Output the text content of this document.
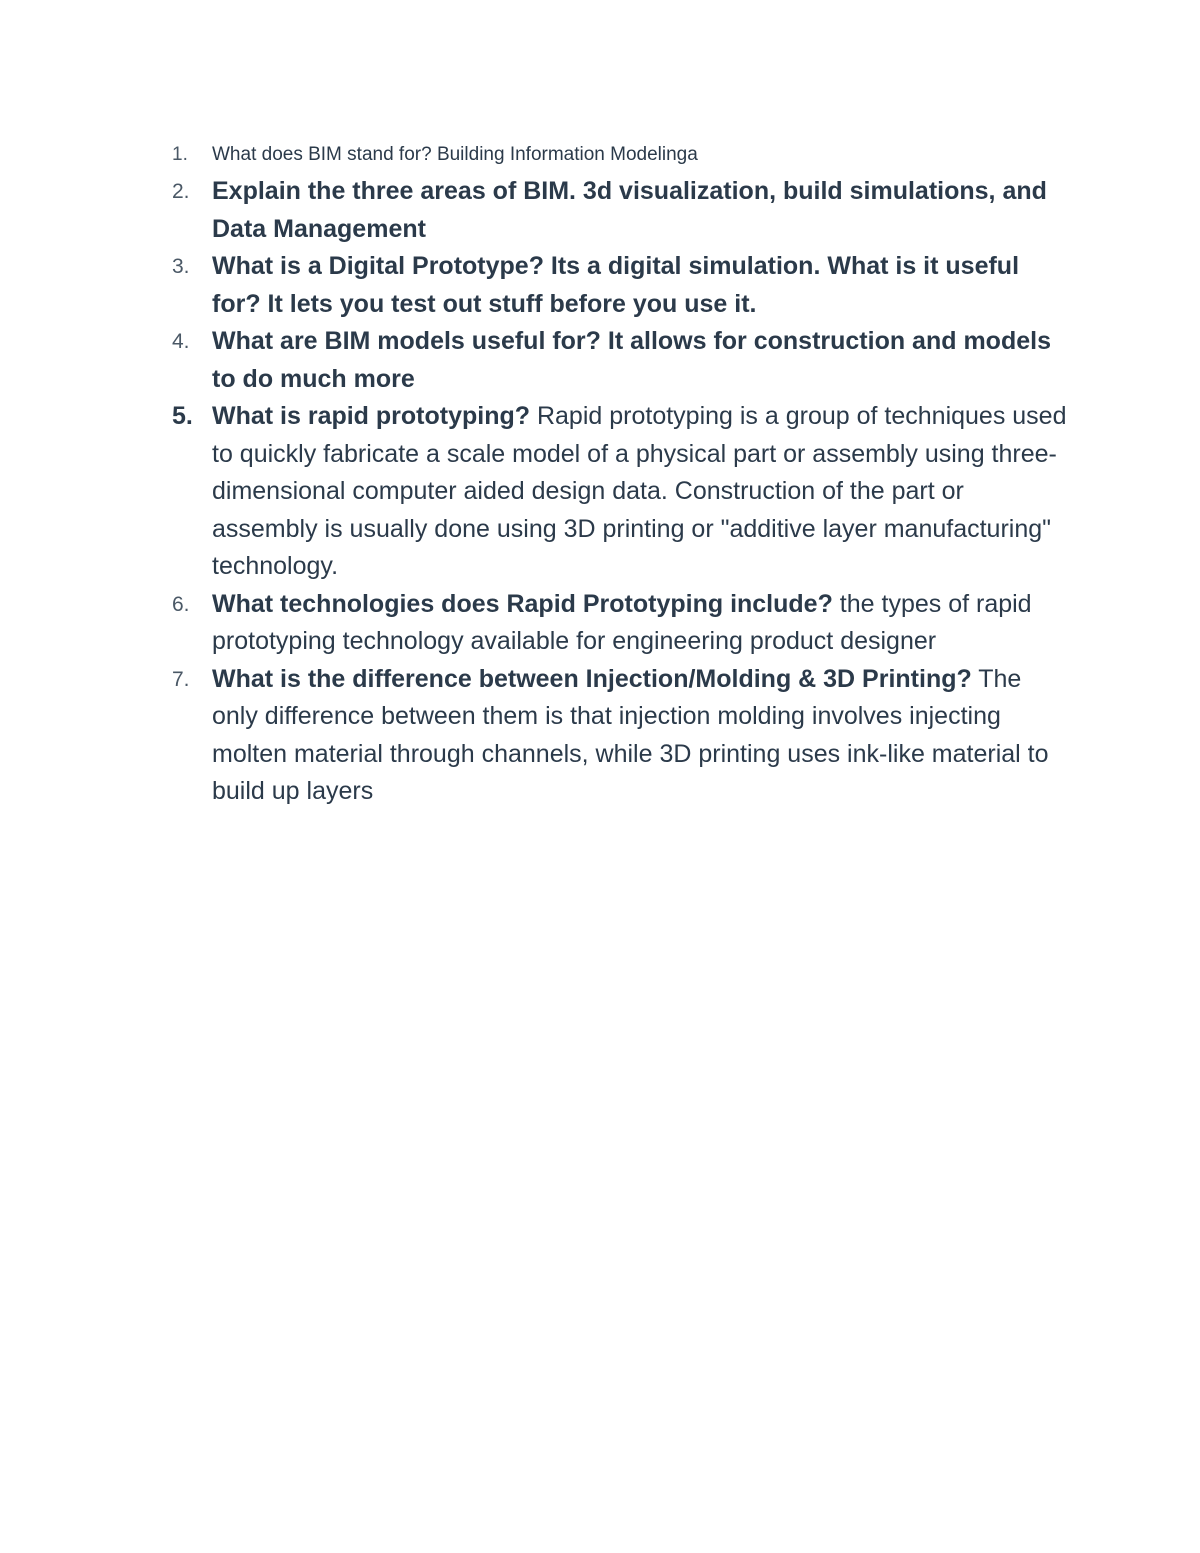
1.	What does BIM stand for? Building Information Modelinga
2. Explain the three areas of BIM. 3d visualization, build simulations, and Data Management
3. What is a Digital Prototype? Its a digital simulation. What is it useful for? It lets you test out stuff before you use it.
4. What are BIM models useful for? It allows for construction and models to do much more
5. What is rapid prototyping? Rapid prototyping is a group of techniques used to quickly fabricate a scale model of a physical part or assembly using three-dimensional computer aided design data. Construction of the part or assembly is usually done using 3D printing or "additive layer manufacturing" technology.
6. What technologies does Rapid Prototyping include? the types of rapid prototyping technology available for engineering product designer
7. What is the difference between Injection/Molding & 3D Printing? The only difference between them is that injection molding involves injecting molten material through channels, while 3D printing uses ink-like material to build up layers
